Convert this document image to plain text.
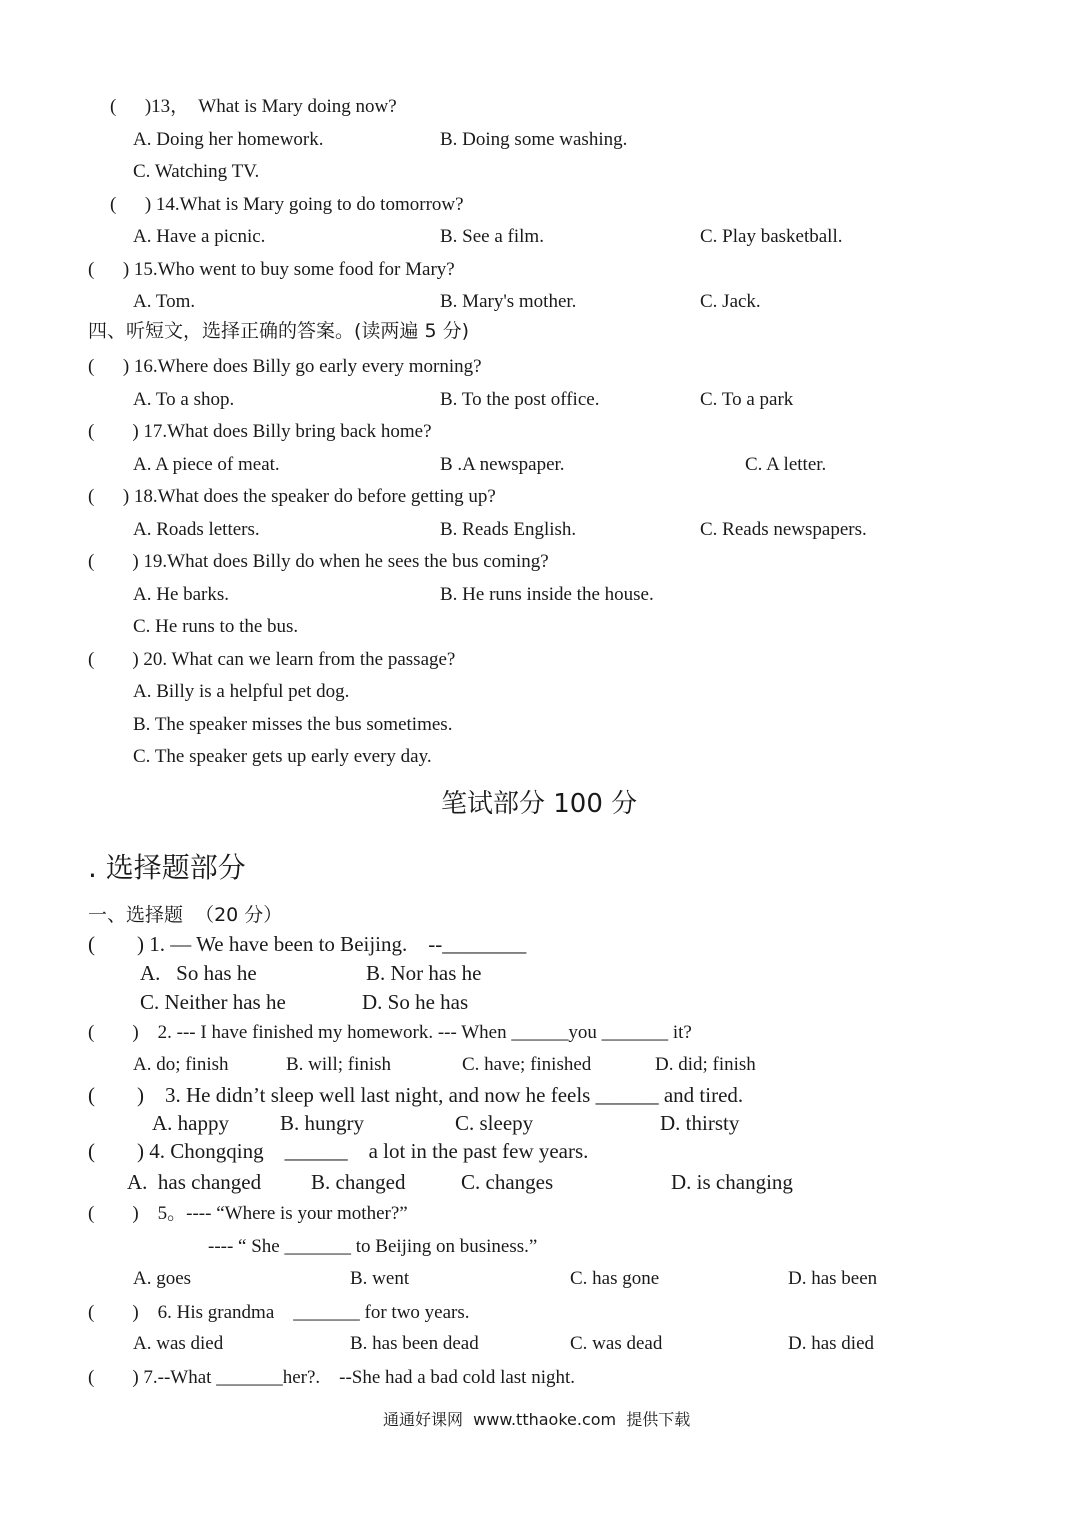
(      )13，  What is Mary doing now?
A. Doing her homework.	B. Doing some washing.
C. Watching TV.
(      ) 14.What is Mary going to do tomorrow?
A. Have a picnic.	B. See a film.	C. Play basketball.
(      ) 15.Who went to buy some food for Mary?
A. Tom.	B. Mary's mother.	C. Jack.
四、听短文，选择正确的答案。(读两遍 5 分)
(      ) 16.Where does Billy go early every morning?
A. To a shop.	B. To the post office.	C. To a park
(        ) 17.What does Billy bring back home?
A. A piece of meat.	B .A newspaper.	C. A letter.
(      ) 18.What does the speaker do before getting up?
A. Roads letters.	B. Reads English.	C. Reads newspapers.
(        ) 19.What does Billy do when he sees the bus coming?
A. He barks.	B. He runs inside the house.
C. He runs to the bus.
(        ) 20. What can we learn from the passage?
A. Billy is a helpful pet dog.
B. The speaker misses the bus sometimes.
C. The speaker gets up early every day.
笔试部分 100 分
. 选择题部分
一、选择题  （20 分）
(        ) 1. — We have been to Beijing.    --________
A.   So has he	B. Nor has he
C. Neither has he	D. So he has
(        )    2. --- I have finished my homework. --- When ______you _______ it?
A. do; finish	B. will; finish	C. have; finished	D. did; finish
(        )    3. He didn’t sleep well last night, and now he feels ______ and tired.
A. happy B. hungry	C. sleepy	D. thirsty
(        ) 4. Chongqing    ______    a lot in the past few years.
A.  has changed B. changed	C. changes	D. is changing
(        )    5。---- “Where is your mother?”
---- “ She _______ to Beijing on business.”
A. goes	B. went	C. has gone	D. has been
(        )    6. His grandma    _______ for two years.
A. was died	B. has been dead	C. was dead	D. has died
(        ) 7.--What _______her?.    --She had a bad cold last night.
通通好课网  www.tthaoke.com  提供下载
